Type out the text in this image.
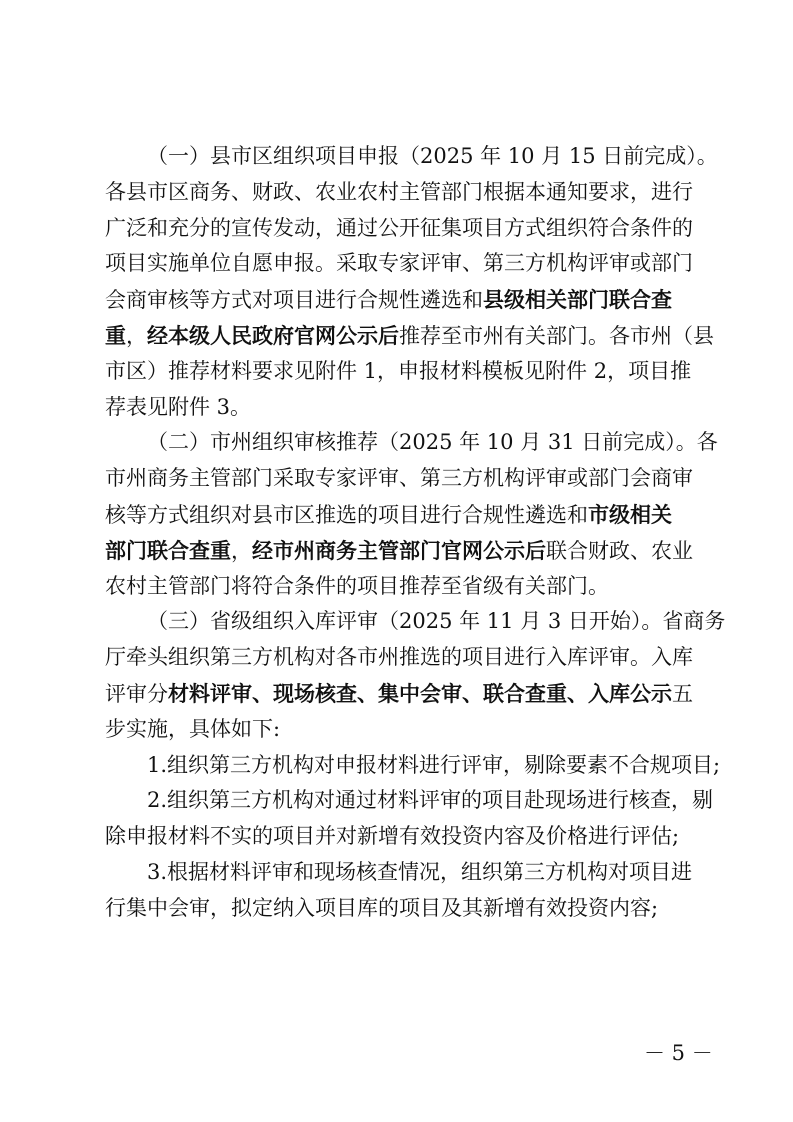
（一）县市区组织项目申报（2025 年 10 月 15 日前完成）。
各县市区商务、财政、农业农村主管部门根据本通知要求，进行
广泛和充分的宣传发动，通过公开征集项目方式组织符合条件的
项目实施单位自愿申报。采取专家评审、第三方机构评审或部门
会商审核等方式对项目进行合规性遴选和县级相关部门联合查
重，经本级人民政府官网公示后推荐至市州有关部门。各市州（县
市区）推荐材料要求见附件 1，申报材料模板见附件 2，项目推
荐表见附件 3。
（二）市州组织审核推荐（2025 年 10 月 31 日前完成）。各
市州商务主管部门采取专家评审、第三方机构评审或部门会商审
核等方式组织对县市区推选的项目进行合规性遴选和市级相关
部门联合查重，经市州商务主管部门官网公示后联合财政、农业
农村主管部门将符合条件的项目推荐至省级有关部门。
（三）省级组织入库评审（2025 年 11 月 3 日开始）。省商务
厅牵头组织第三方机构对各市州推选的项目进行入库评审。入库
评审分材料评审、现场核查、集中会审、联合查重、入库公示五
步实施，具体如下:
1.组织第三方机构对申报材料进行评审，剔除要素不合规项目;
2.组织第三方机构对通过材料评审的项目赴现场进行核查，剔
除申报材料不实的项目并对新增有效投资内容及价格进行评估;
3.根据材料评审和现场核查情况，组织第三方机构对项目进
行集中会审，拟定纳入项目库的项目及其新增有效投资内容;
－ 5 －
